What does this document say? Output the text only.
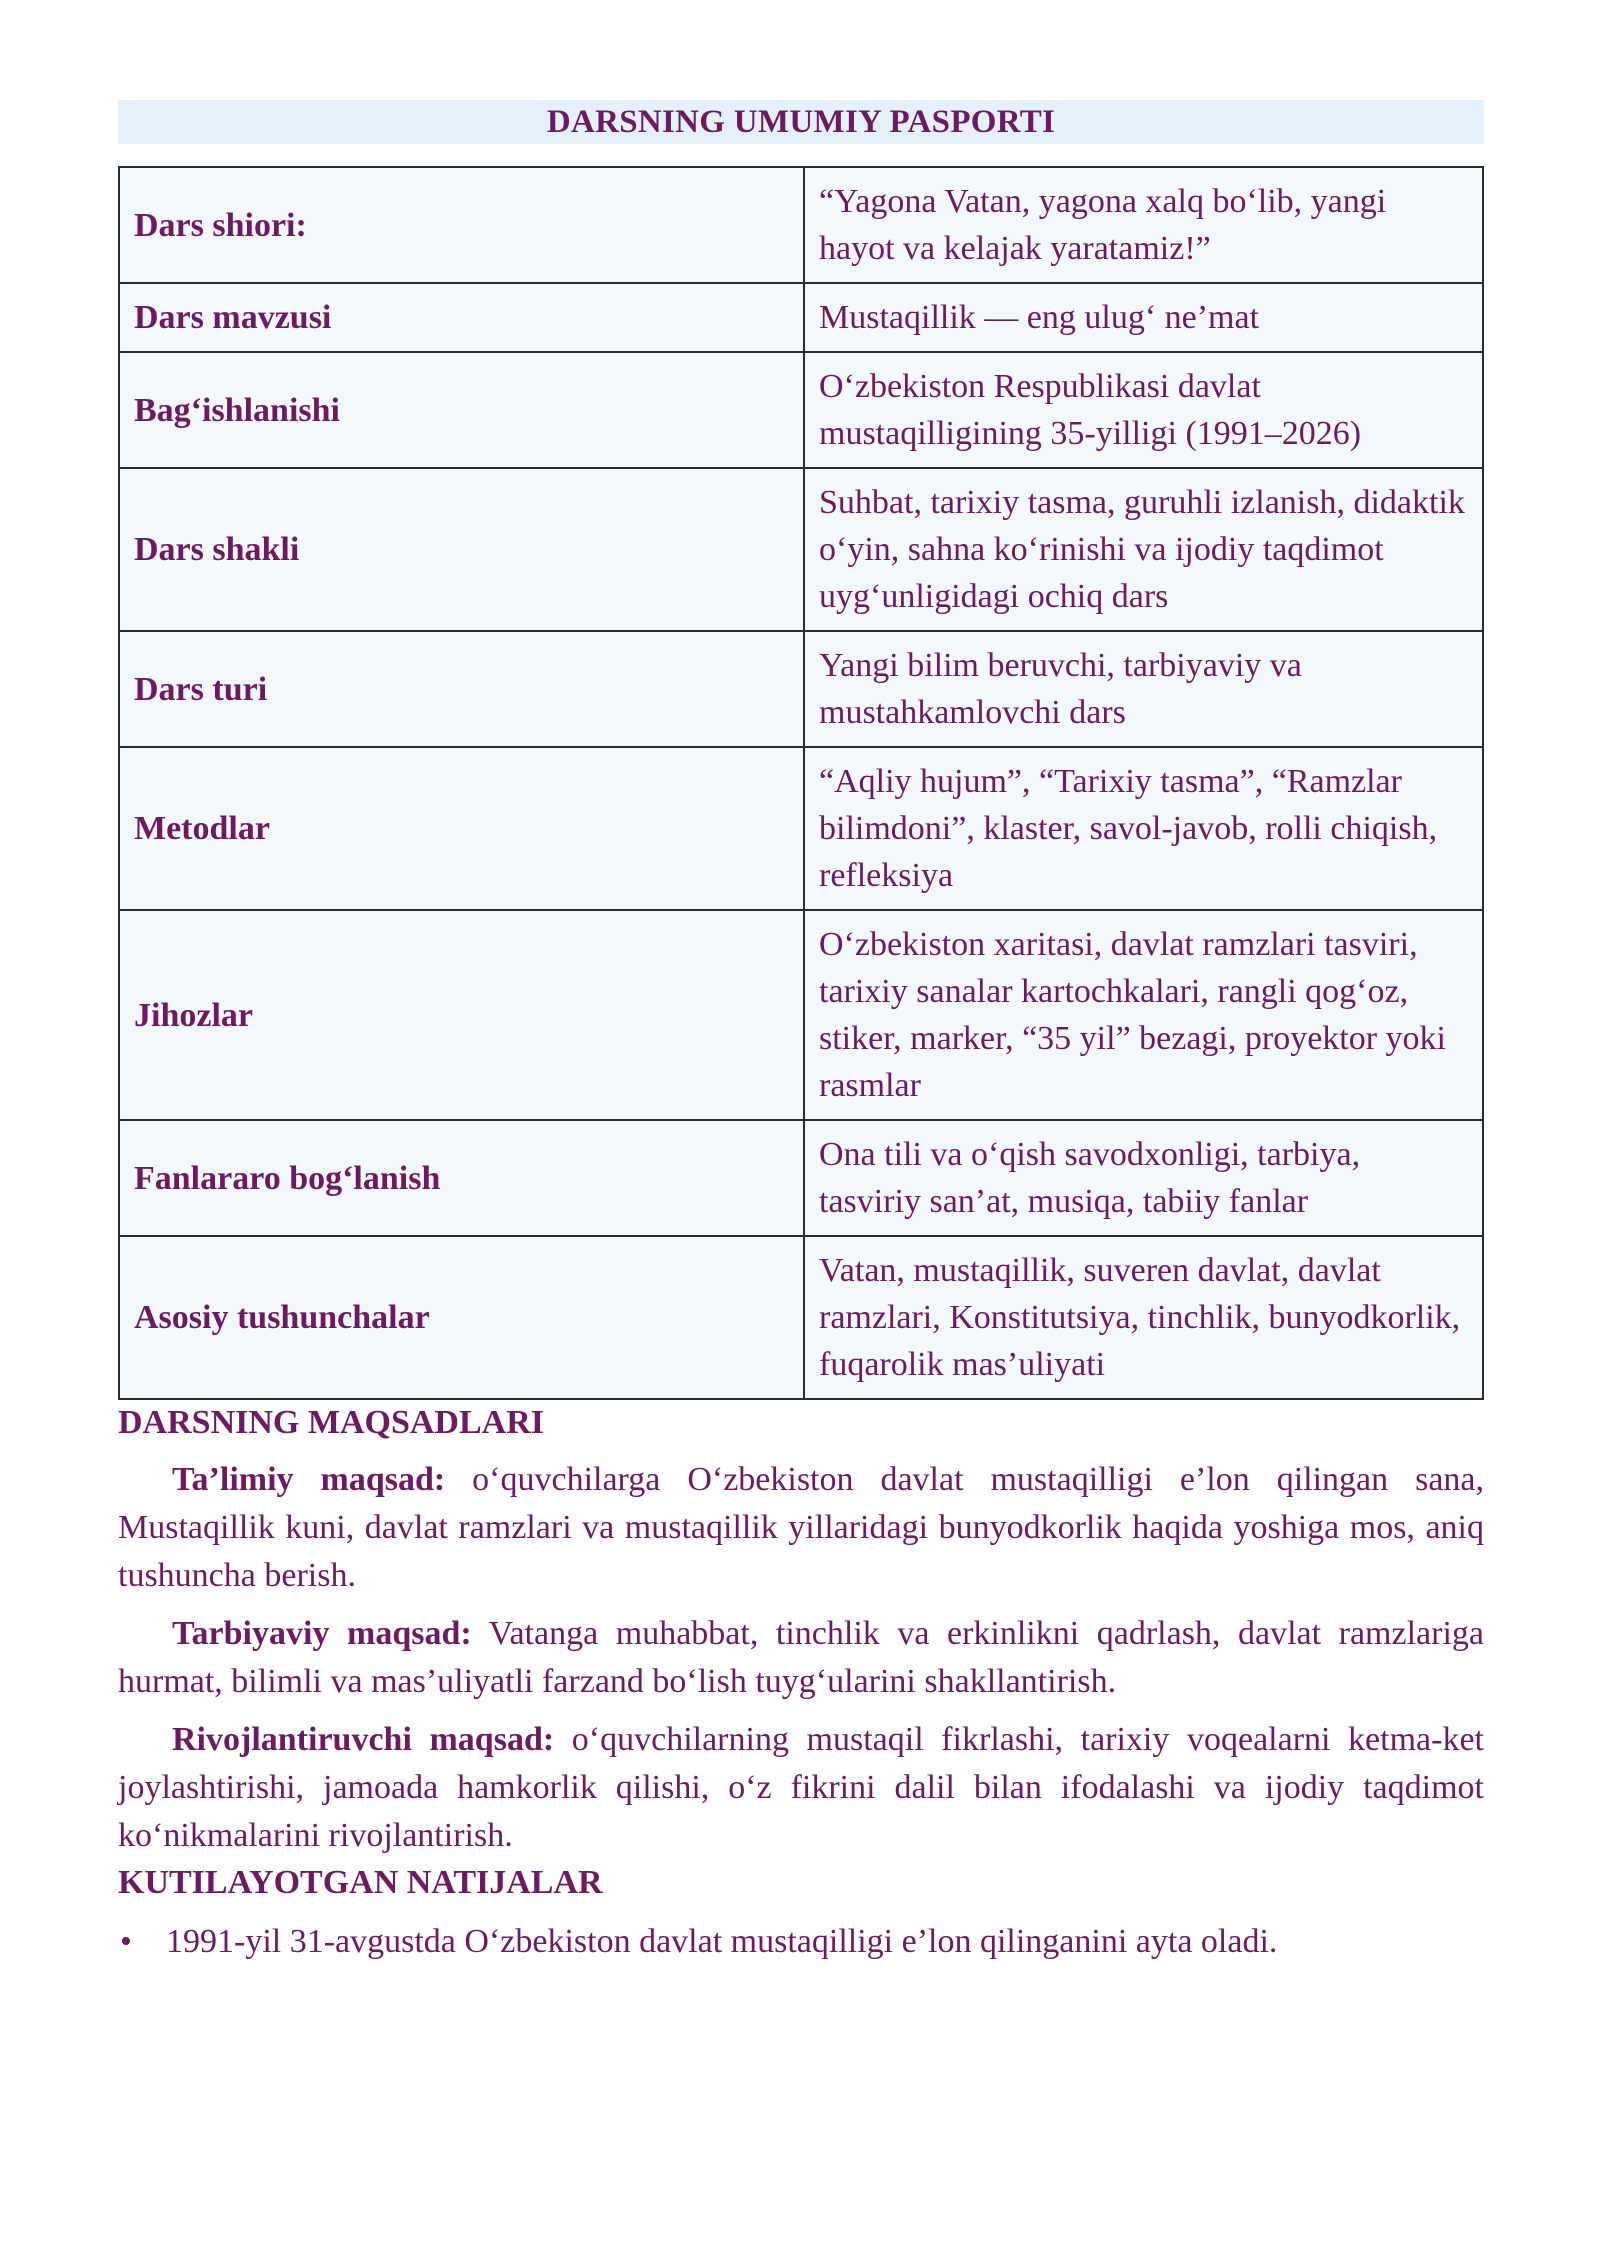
DARSNING UMUMIY PASPORTI
Dars shiori:	“Yagona Vatan, yagona xalq bo‘lib, yangi hayot va kelajak yaratamiz!”
Dars mavzusi	Mustaqillik — eng ulug‘ ne’mat
Bag‘ishlanishi	O‘zbekiston Respublikasi davlat mustaqilligining 35-yilligi (1991–2026)
Dars shakli	Suhbat, tarixiy tasma, guruhli izlanish, didaktik o‘yin, sahna ko‘rinishi va ijodiy taqdimot uyg‘unligidagi ochiq dars
Dars turi	Yangi bilim beruvchi, tarbiyaviy va mustahkamlovchi dars
Metodlar	“Aqliy hujum”, “Tarixiy tasma”, “Ramzlar bilimdoni”, klaster, savol-javob, rolli chiqish, refleksiya
Jihozlar	O‘zbekiston xaritasi, davlat ramzlari tasviri, tarixiy sanalar kartochkalari, rangli qog‘oz, stiker, marker, “35 yil” bezagi, proyektor yoki rasmlar
Fanlararo bog‘lanish	Ona tili va o‘qish savodxonligi, tarbiya, tasviriy san’at, musiqa, tabiiy fanlar
Asosiy tushunchalar	Vatan, mustaqillik, suveren davlat, davlat ramzlari, Konstitutsiya, tinchlik, bunyodkorlik, fuqarolik mas’uliyati
DARSNING MAQSADLARI

Ta’limiy maqsad: o‘quvchilarga O‘zbekiston davlat mustaqilligi e’lon qilingan sana, Mustaqillik kuni, davlat ramzlari va mustaqillik yillaridagi bunyodkorlik haqida yoshiga mos, aniq tushuncha berish.

Tarbiyaviy maqsad: Vatanga muhabbat, tinchlik va erkinlikni qadrlash, davlat ramzlariga hurmat, bilimli va mas’uliyatli farzand bo‘lish tuyg‘ularini shakllantirish.

Rivojlantiruvchi maqsad: o‘quvchilarning mustaqil fikrlashi, tarixiy voqealarni ketma-ket joylashtirishi, jamoada hamkorlik qilishi, o‘z fikrini dalil bilan ifodalashi va ijodiy taqdimot ko‘nikmalarini rivojlantirish.

KUTILAYOTGAN NATIJALAR
• 1991-yil 31-avgustda O‘zbekiston davlat mustaqilligi e’lon qilinganini ayta oladi.
